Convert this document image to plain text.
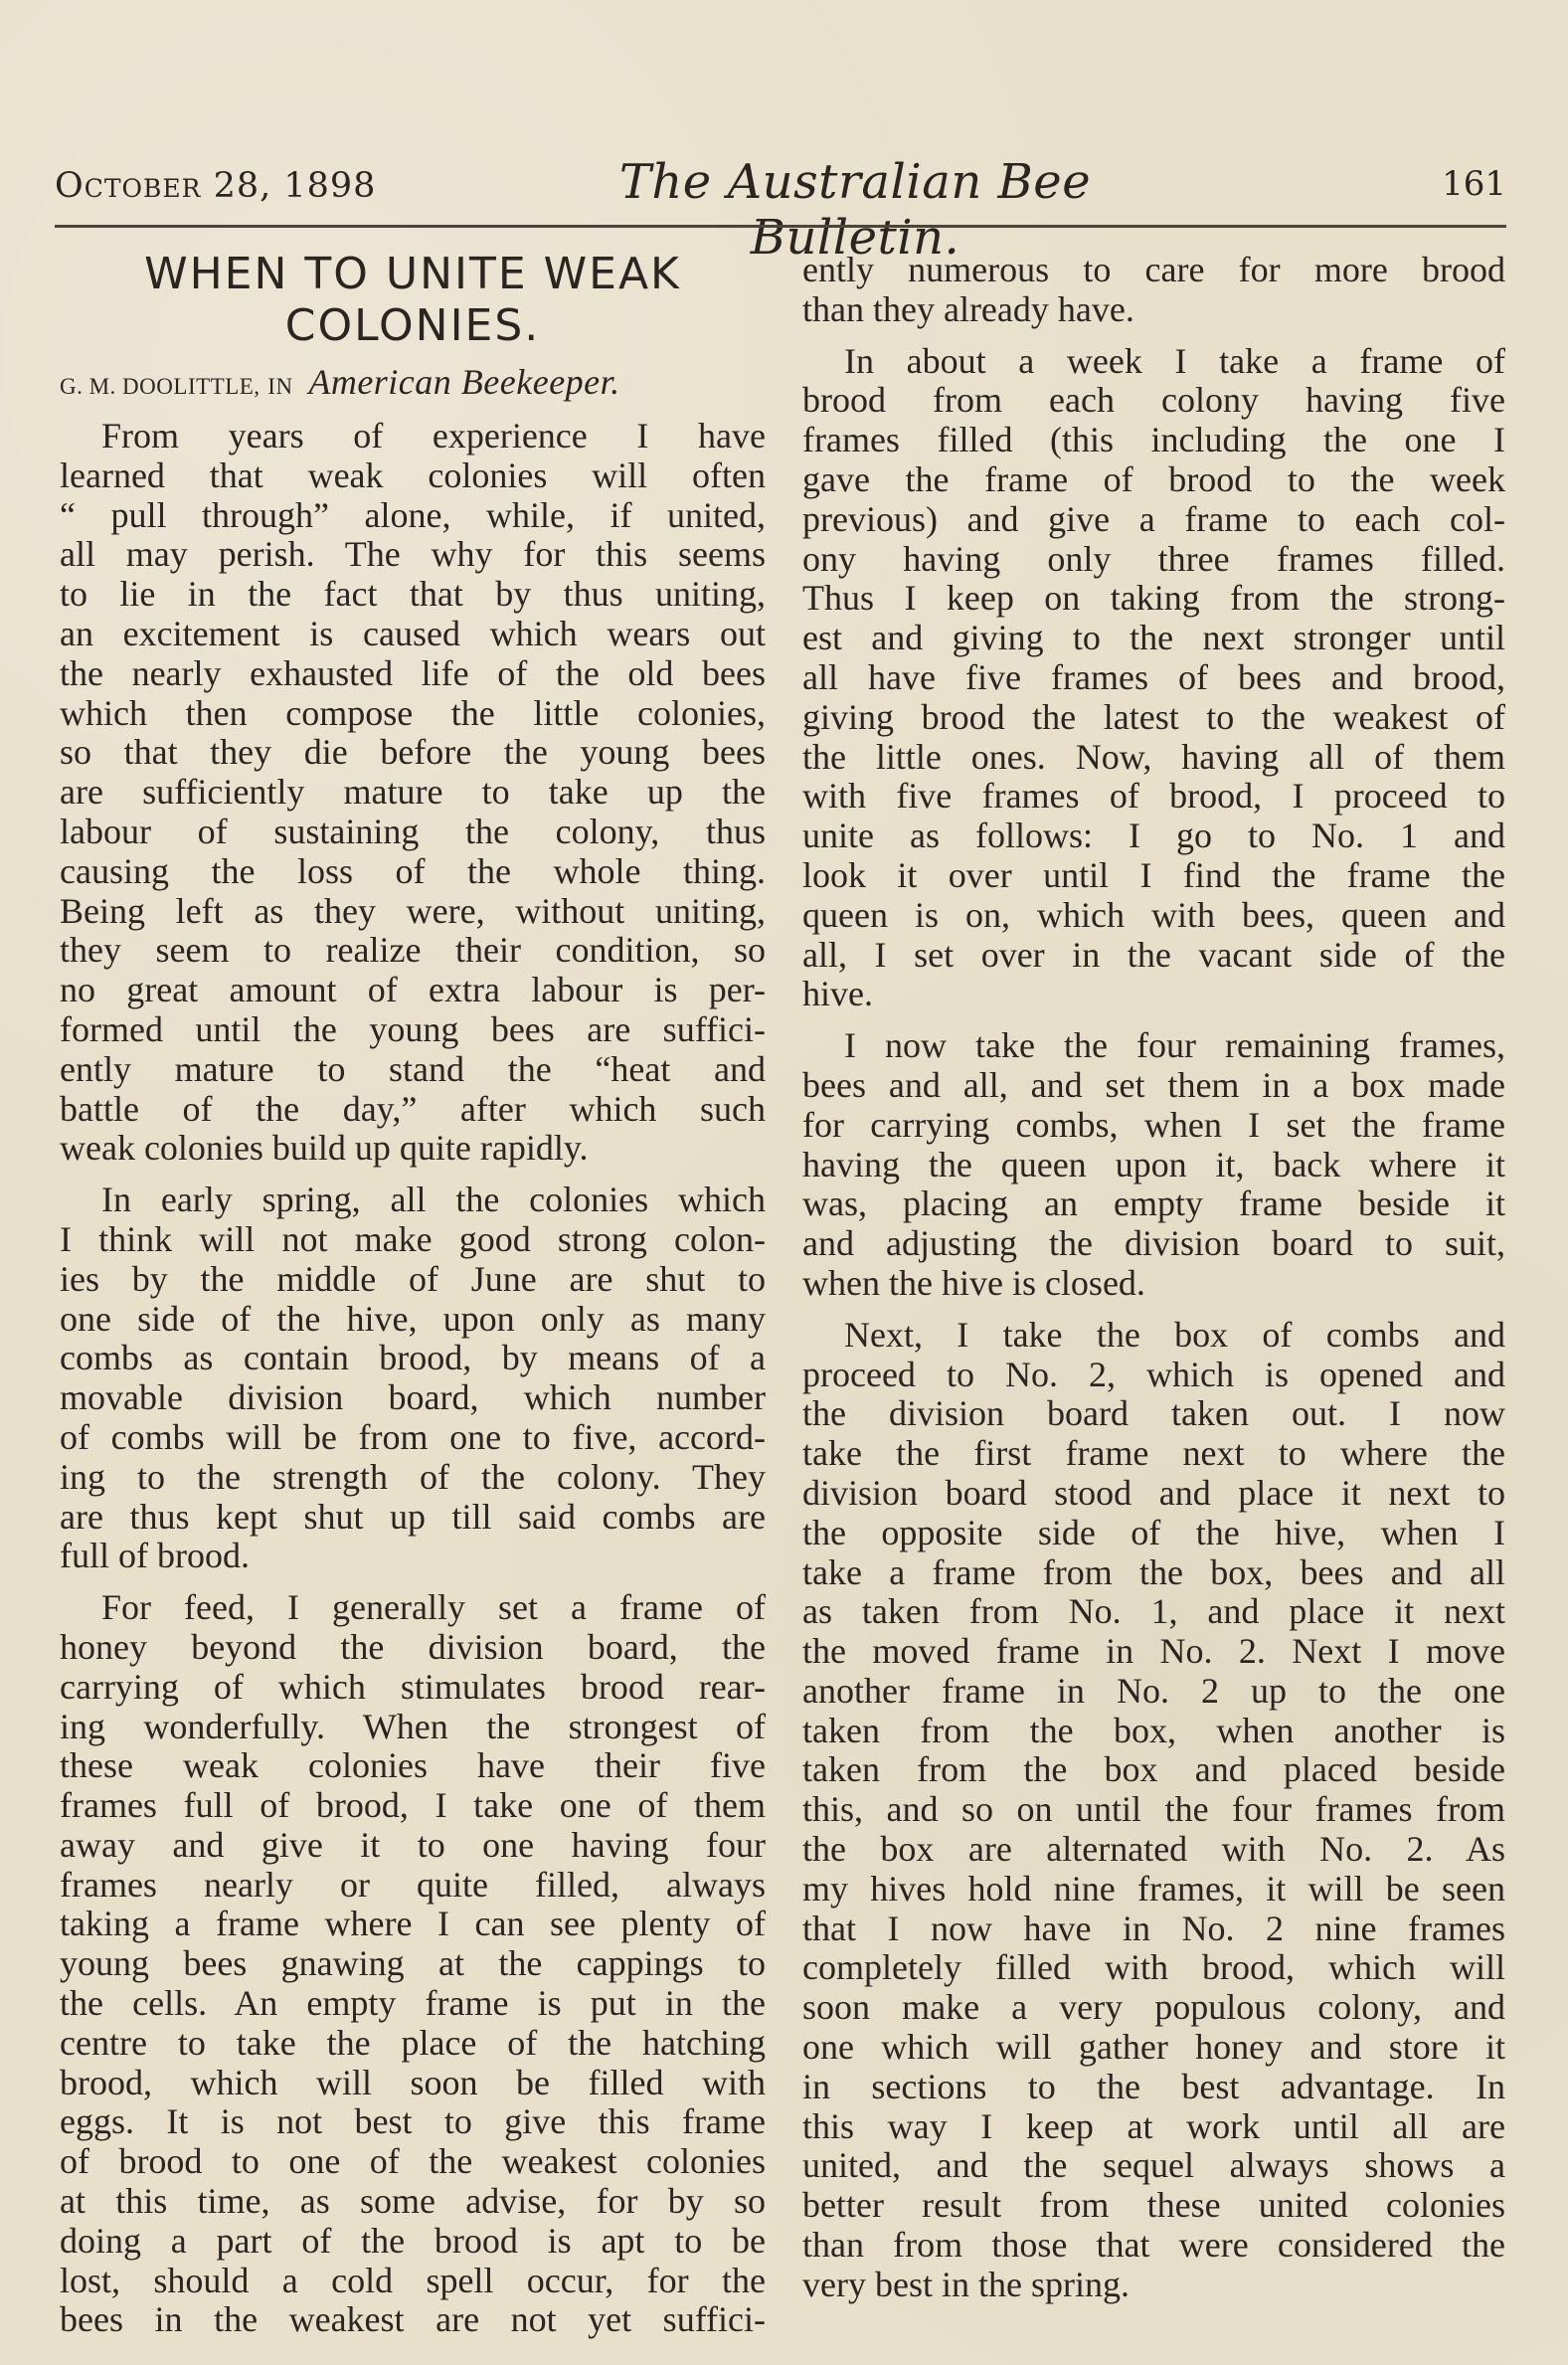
October 28, 1898	The Australian Bee Bulletin.
161
WHEN TO UNITE WEAK
COLONIES.
G. M. DOOLITTLE, IN American Beekeeper.
From years of experience I have
learned that weak colonies will often
“ pull through” alone, while, if united,
all may perish. The why for this seems
to lie in the fact that by thus uniting,
an excitement is caused which wears out
the nearly exhausted life of the old bees
which then compose the little colonies,
so that they die before the young bees
are sufficiently mature to take up the
labour of sustaining the colony, thus
causing the loss of the whole thing.
Being left as they were, without uniting,
they seem to realize their condition, so
no great amount of extra labour is per-
formed until the young bees are suffici-
ently mature to stand the “heat and
battle of the day,” after which such
weak colonies build up quite rapidly.
In early spring, all the colonies which
I think will not make good strong colon-
ies by the middle of June are shut to
one side of the hive, upon only as many
combs as contain brood, by means of a
movable division board, which number
of combs will be from one to five, accord-
ing to the strength of the colony. They
are thus kept shut up till said combs are
full of brood.
For feed, I generally set a frame of
honey beyond the division board, the
carrying of which stimulates brood rear-
ing wonderfully. When the strongest of
these weak colonies have their five
frames full of brood, I take one of them
away and give it to one having four
frames nearly or quite filled, always
taking a frame where I can see plenty of
young bees gnawing at the cappings to
the cells. An empty frame is put in the
centre to take the place of the hatching
brood, which will soon be filled with
eggs. It is not best to give this frame
of brood to one of the weakest colonies
at this time, as some advise, for by so
doing a part of the brood is apt to be
lost, should a cold spell occur, for the
bees in the weakest are not yet suffici-
ently numerous to care for more brood
than they already have.
In about a week I take a frame of
brood from each colony having five
frames filled (this including the one I
gave the frame of brood to the week
previous) and give a frame to each col-
ony having only three frames filled.
Thus I keep on taking from the strong-
est and giving to the next stronger until
all have five frames of bees and brood,
giving brood the latest to the weakest of
the little ones. Now, having all of them
with five frames of brood, I proceed to
unite as follows: I go to No. 1 and
look it over until I find the frame the
queen is on, which with bees, queen and
all, I set over in the vacant side of the
hive.
I now take the four remaining frames,
bees and all, and set them in a box made
for carrying combs, when I set the frame
having the queen upon it, back where it
was, placing an empty frame beside it
and adjusting the division board to suit,
when the hive is closed.
Next, I take the box of combs and
proceed to No. 2, which is opened and
the division board taken out. I now
take the first frame next to where the
division board stood and place it next to
the opposite side of the hive, when I
take a frame from the box, bees and all
as taken from No. 1, and place it next
the moved frame in No. 2. Next I move
another frame in No. 2 up to the one
taken from the box, when another is
taken from the box and placed beside
this, and so on until the four frames from
the box are alternated with No. 2. As
my hives hold nine frames, it will be seen
that I now have in No. 2 nine frames
completely filled with brood, which will
soon make a very populous colony, and
one which will gather honey and store it
in sections to the best advantage. In
this way I keep at work until all are
united, and the sequel always shows a
better result from these united colonies
than from those that were considered the
very best in the spring.
